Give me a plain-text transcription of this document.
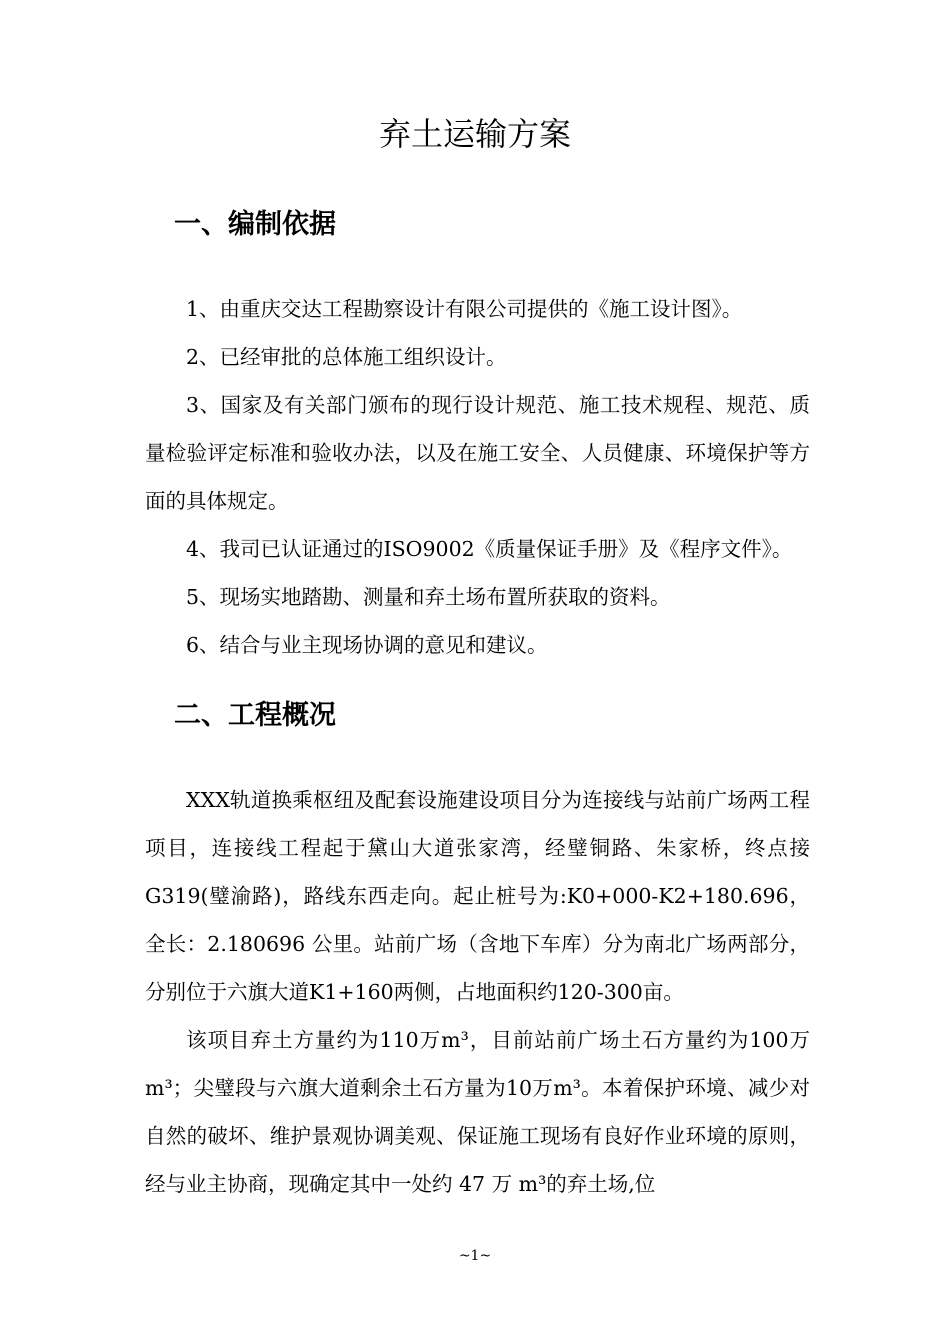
弃土运输方案
一、编制依据

1、由重庆交达工程勘察设计有限公司提供的《施工设计图》。

2、已经审批的总体施工组织设计。

3、国家及有关部门颁布的现行设计规范、施工技术规程、规范、质量检验评定标准和验收办法，以及在施工安全、人员健康、环境保护等方面的具体规定。

4、我司已认证通过的ISO9002《质量保证手册》及《程序文件》。

5、现场实地踏勘、测量和弃土场布置所获取的资料。

6、结合与业主现场协调的意见和建议。

二、工程概况

XXX轨道换乘枢纽及配套设施建设项目分为连接线与站前广场两工程项目，连接线工程起于黛山大道张家湾，经璧铜路、朱家桥，终点接G319(璧渝路)，路线东西走向。起止桩号为:K0+000-K2+180.696，全长：2.180696 公里。站前广场（含地下车库）分为南北广场两部分，分别位于六旗大道K1+160两侧，占地面积约120-300亩。

该项目弃土方量约为110万m³，目前站前广场土石方量约为100万m³；尖璧段与六旗大道剩余土石方量为10万m³。本着保护环境、减少对自然的破坏、维护景观协调美观、保证施工现场有良好作业环境的原则，经与业主协商，现确定其中一处约 47 万 m³的弃土场,位

~1~
